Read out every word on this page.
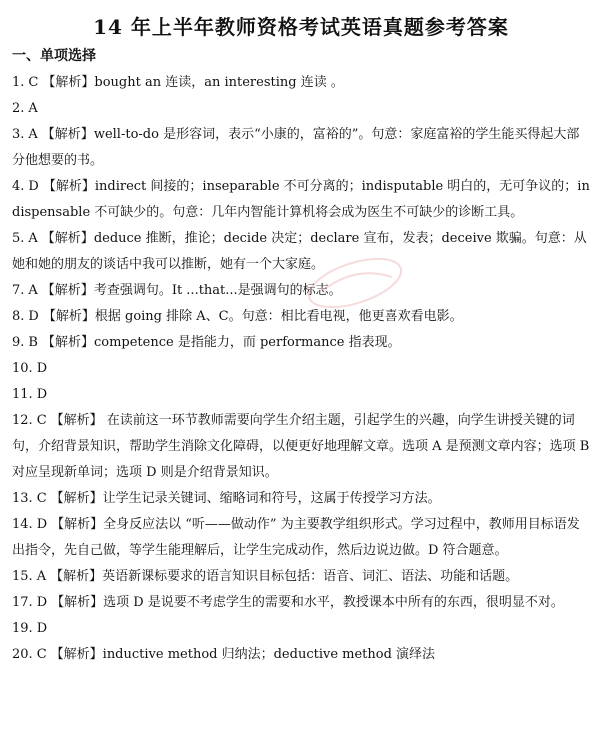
14 年上半年教师资格考试英语真题参考答案
一、单项选择

1. C 【解析】bought an 连读，an interesting 连读 。

2. A

3. A 【解析】well-to-do 是形容词，表示“小康的，富裕的”。句意：家庭富裕的学生能买得起大部分他想要的书。

4. D 【解析】indirect 间接的；inseparable 不可分离的；indisputable 明白的，无可争议的；indispensable 不可缺少的。句意：几年内智能计算机将会成为医生不可缺少的诊断工具。

5. A 【解析】deduce 推断，推论；decide 决定；declare 宣布，发表；deceive 欺骗。句意：从她和她的朋友的谈话中我可以推断，她有一个大家庭。

7. A 【解析】考查强调句。It ...that...是强调句的标志。

8. D 【解析】根据 going 排除 A、C。句意：相比看电视，他更喜欢看电影。

9. B 【解析】competence 是指能力，而 performance 指表现。

10. D

11. D

12. C 【解析】 在读前这一环节教师需要向学生介绍主题，引起学生的兴趣，向学生讲授关键的词句，介绍背景知识，帮助学生消除文化障碍，以便更好地理解文章。选项 A 是预测文章内容；选项 B 对应呈现新单词；选项 D 则是介绍背景知识。

13. C 【解析】让学生记录关键词、缩略词和符号，这属于传授学习方法。

14. D 【解析】全身反应法以 “听——做动作” 为主要教学组织形式。学习过程中，教师用目标语发出指令，先自己做，等学生能理解后，让学生完成动作，然后边说边做。D 符合题意。

15. A 【解析】英语新课标要求的语言知识目标包括：语音、词汇、语法、功能和话题。

17. D 【解析】选项 D 是说要不考虑学生的需要和水平，教授课本中所有的东西，很明显不对。

19. D

20. C 【解析】inductive method 归纳法；deductive method 演绎法
